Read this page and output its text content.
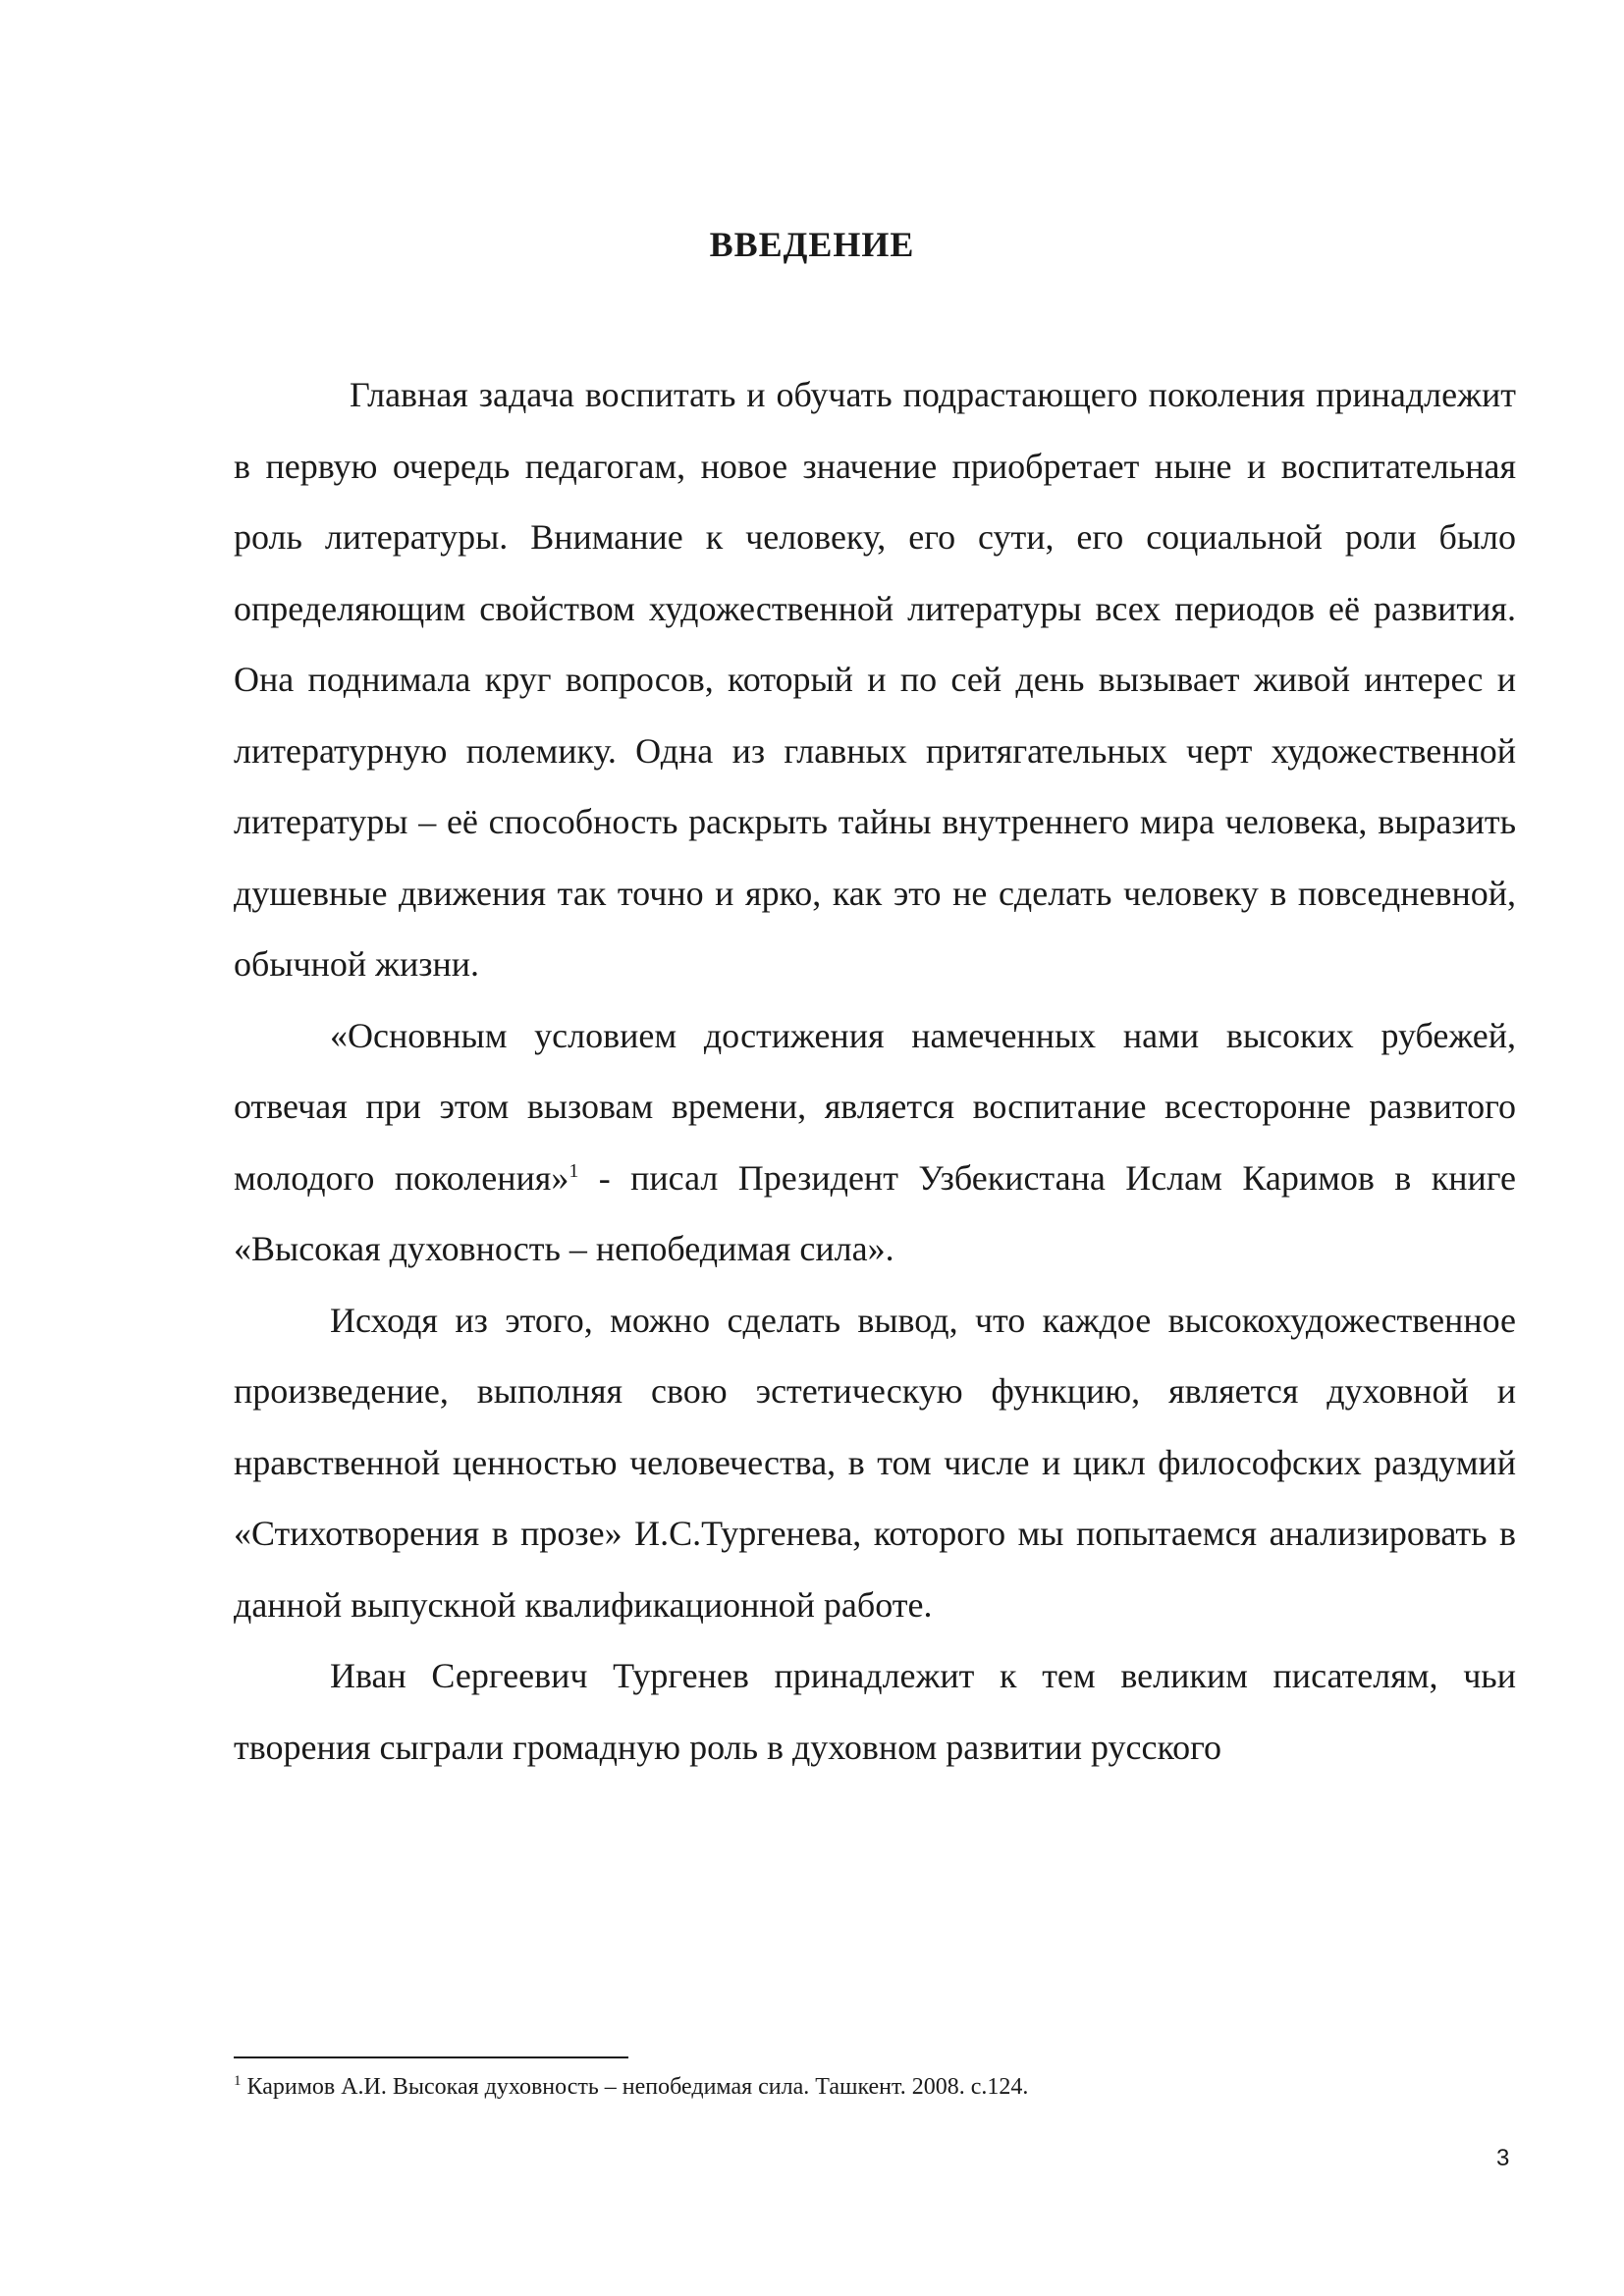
ВВЕДЕНИЕ

Главная задача воспитать и обучать подрастающего поколения принадлежит в первую очередь педагогам, новое значение приобретает ныне и воспитательная роль литературы. Внимание к человеку, его сути, его социальной роли было определяющим свойством художественной литературы всех периодов её развития. Она поднимала круг вопросов, который и по сей день вызывает живой интерес и литературную полемику. Одна из главных притягательных черт художественной литературы – её способность раскрыть тайны внутреннего мира человека, выразить душевные движения так точно и ярко, как это не сделать человеку в повседневной, обычной жизни.

«Основным условием достижения намеченных нами высоких рубежей, отвечая при этом вызовам времени, является воспитание всесторонне развитого молодого поколения»$^1$ - писал Президент Узбекистана Ислам Каримов в книге «Высокая духовность – непобедимая сила».

Исходя из этого, можно сделать вывод, что каждое высокохудожественное произведение, выполняя свою эстетическую функцию, является духовной и нравственной ценностью человечества, в том числе и цикл философских раздумий «Стихотворения в прозе» И.С.Тургенева, которого мы попытаемся анализировать в данной выпускной квалификационной работе.

Иван Сергеевич Тургенев принадлежит к тем великим писателям, чьи творения сыграли громадную роль в духовном развитии русского

$^1$ Каримов А.И. Высокая духовность – непобедимая сила. Ташкент. 2008. с.124.
3
